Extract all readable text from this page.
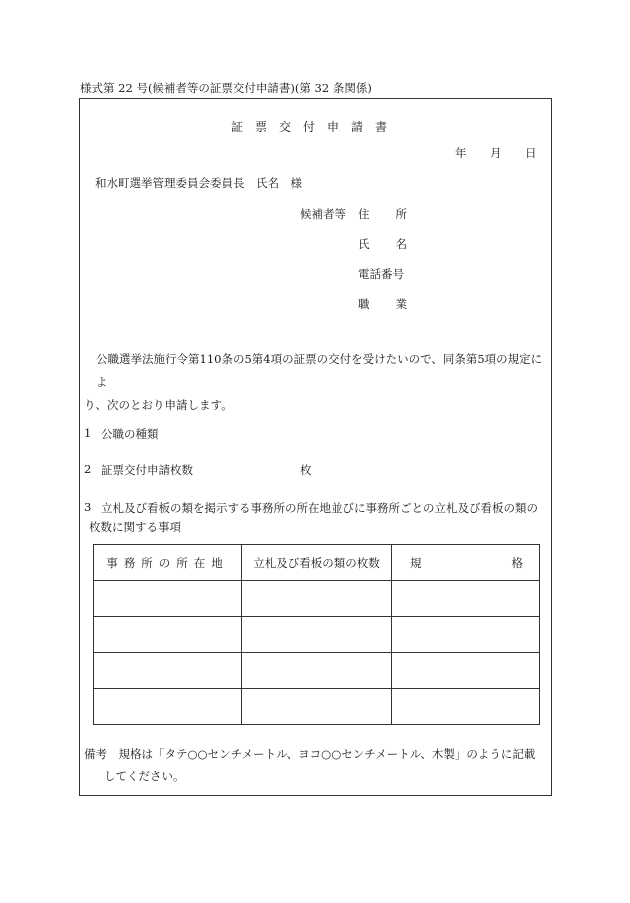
様式第 22 号(候補者等の証票交付申請書)(第 32 条関係)
証票交付申請書
年 月 日
和水町選挙管理委員会委員長　氏名　様
候補者等 住所
氏名
電話番号
職業
公職選挙法施行令第110条の5第4項の証票の交付を受けたいので、同条第5項の規定によ
り、次のとおり申請します。
1 公職の種類
2 証票交付申請枚数	枚
3 立札及び看板の類を掲示する事務所の所在地並びに事務所ごとの立札及び看板の類の
枚数に関する事項
事務所の所在地	立札及び看板の類の枚数	規 格

備考　 規格は「タテ○○センチメートル、ヨコ○○センチメートル、木製」のように記載
してください。
